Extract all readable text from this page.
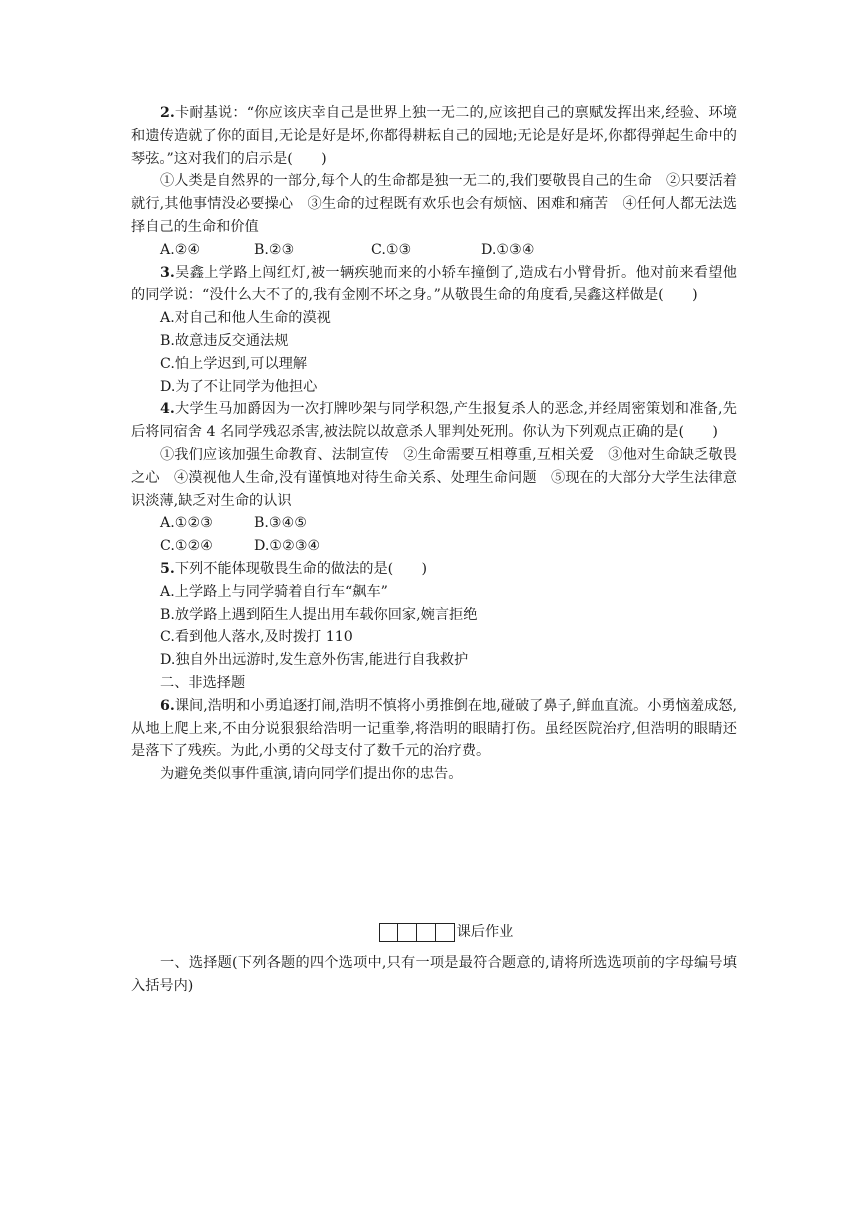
2.卡耐基说：“你应该庆幸自己是世界上独一无二的,应该把自己的禀赋发挥出来,经验、环境和遗传造就了你的面目,无论是好是坏,你都得耕耘自己的园地;无论是好是坏,你都得弹起生命中的琴弦。”这对我们的启示是(　　)

①人类是自然界的一部分,每个人的生命都是独一无二的,我们要敬畏自己的生命　②只要活着就行,其他事情没必要操心　③生命的过程既有欢乐也会有烦恼、困难和痛苦　④任何人都无法选择自己的生命和价值

A.②④	B.②③	C.①③	D.①③④

3.吴鑫上学路上闯红灯,被一辆疾驰而来的小轿车撞倒了,造成右小臂骨折。他对前来看望他的同学说：“没什么大不了的,我有金刚不坏之身。”从敬畏生命的角度看,吴鑫这样做是(　　)

A.对自己和他人生命的漠视

B.故意违反交通法规

C.怕上学迟到,可以理解

D.为了不让同学为他担心

4.大学生马加爵因为一次打牌吵架与同学积怨,产生报复杀人的恶念,并经周密策划和准备,先后将同宿舍 4 名同学残忍杀害,被法院以故意杀人罪判处死刑。你认为下列观点正确的是(　　)

①我们应该加强生命教育、法制宣传　②生命需要互相尊重,互相关爱　③他对生命缺乏敬畏之心　④漠视他人生命,没有谨慎地对待生命关系、处理生命问题　⑤现在的大部分大学生法律意识淡薄,缺乏对生命的认识

A.①②③	B.③④⑤
C.①②④	D.①②③④

5.下列不能体现敬畏生命的做法的是(　　)

A.上学路上与同学骑着自行车“飙车”

B.放学路上遇到陌生人提出用车载你回家,婉言拒绝

C.看到他人落水,及时拨打 110

D.独自外出远游时,发生意外伤害,能进行自我救护

二、非选择题

6.课间,浩明和小勇追逐打闹,浩明不慎将小勇推倒在地,碰破了鼻子,鲜血直流。小勇恼羞成怒,从地上爬上来,不由分说狠狠给浩明一记重拳,将浩明的眼睛打伤。虽经医院治疗,但浩明的眼睛还是落下了残疾。为此,小勇的父母支付了数千元的治疗费。

为避免类似事件重演,请向同学们提出你的忠告。

课后作业

一、选择题(下列各题的四个选项中,只有一项是最符合题意的,请将所选选项前的字母编号填入括号内)
